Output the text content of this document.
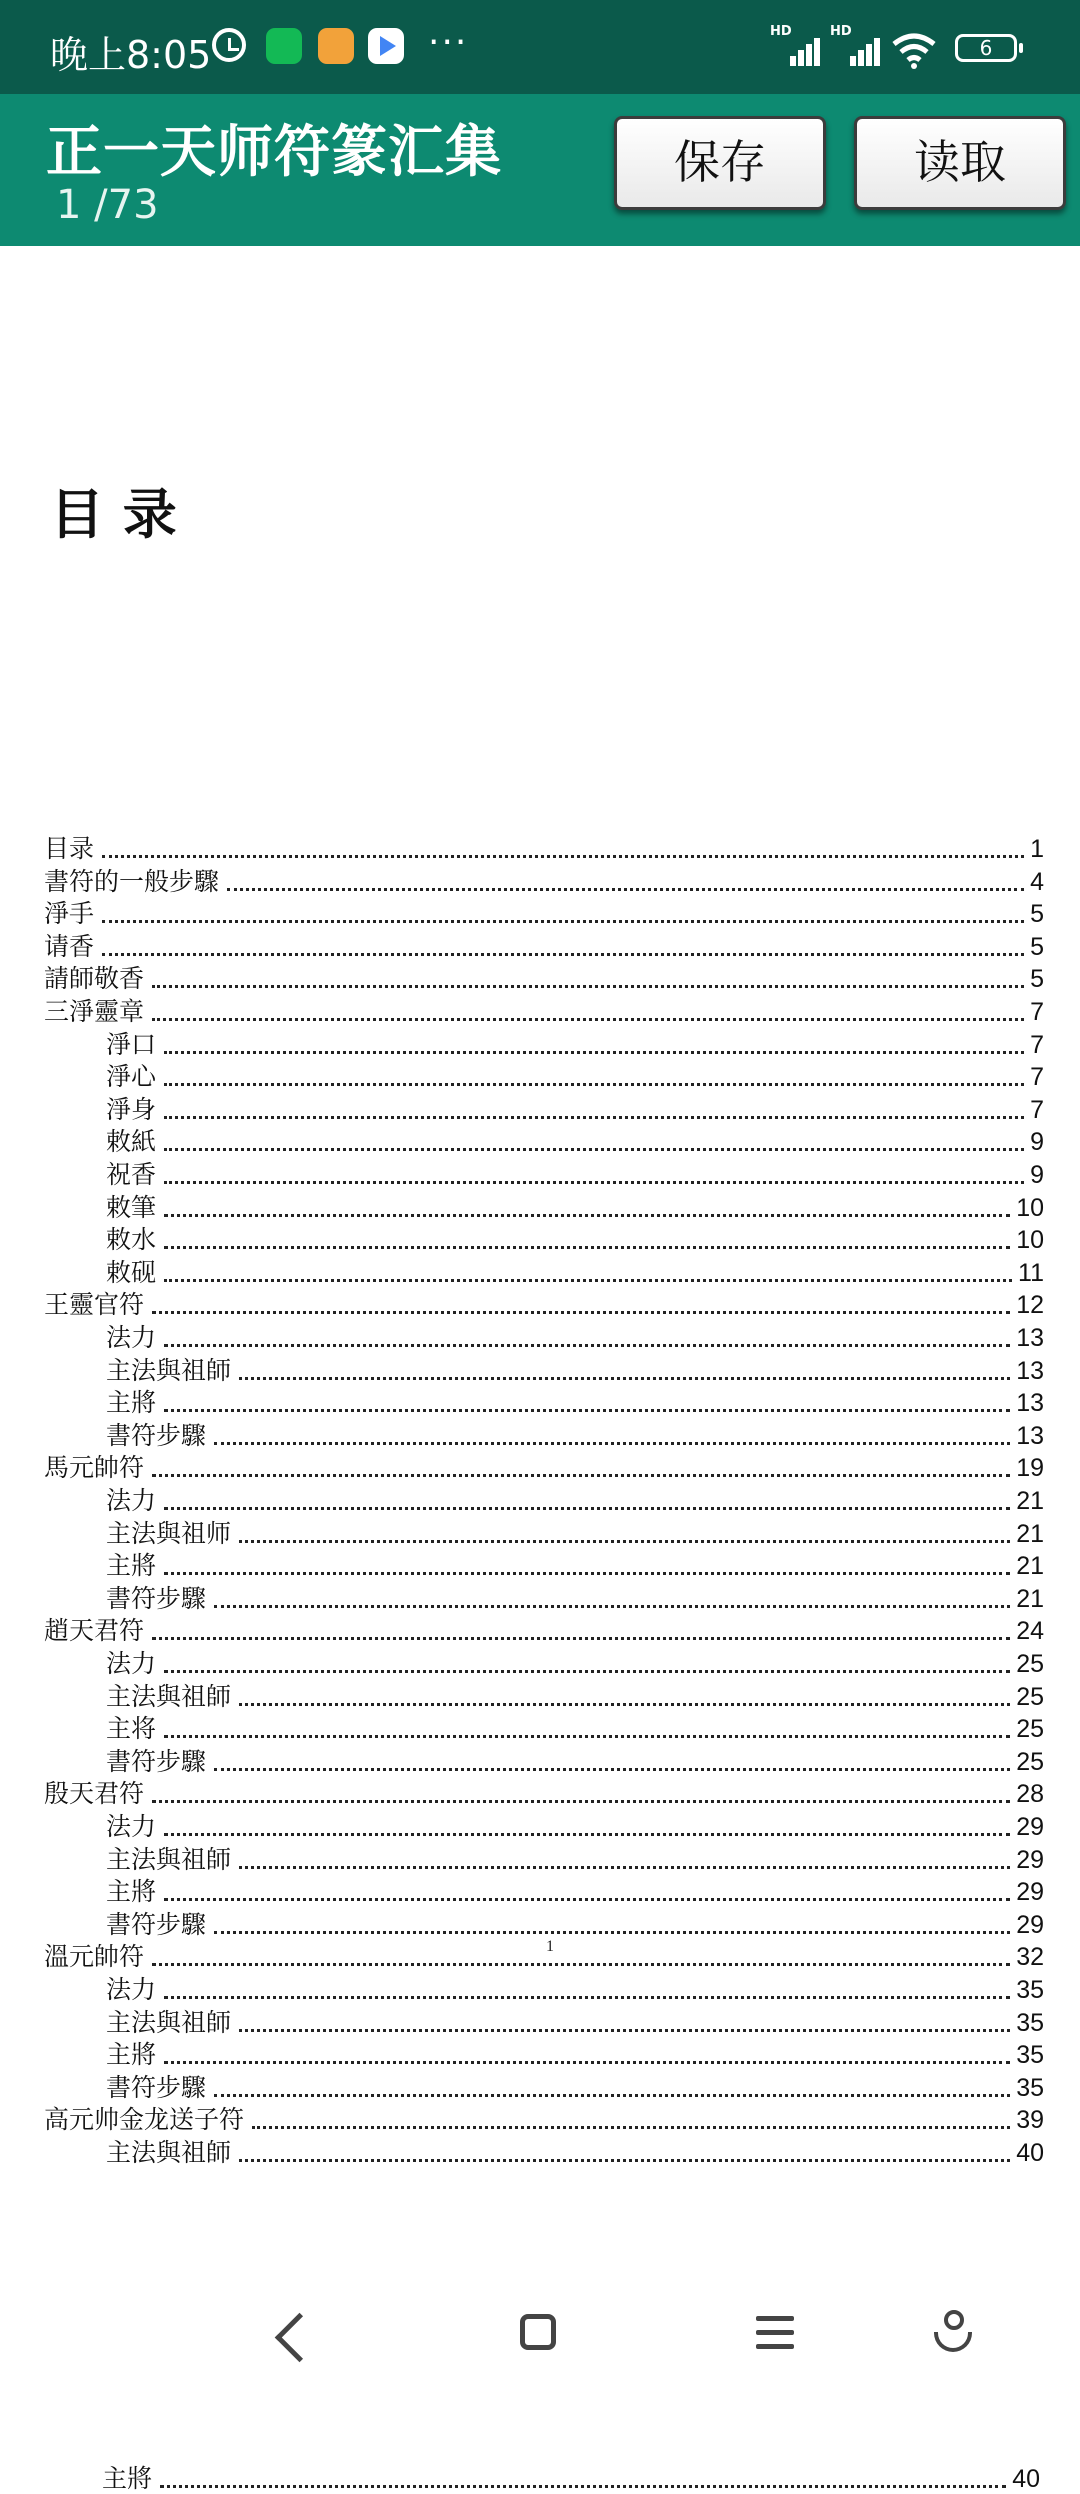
晚上8:05	···	HD	HD
6
正一天师符篆汇集
1 /73
保存	读取
目 录
目录	1
書符的一般步驟	4
淨手	5
请香	5
請師敬香	5
三淨靈章	7
淨口	7
淨心	7
淨身	7
敕紙	9
祝香	9
敕筆	10
敕水	10
敕砚	11
王靈官符	12
法力	13
主法與祖師	13
主將	13
書符步驟	13
馬元帥符	19
法力	21
主法與祖师	21
主將	21
書符步驟	21
趙天君符	24
法力	25
主法與祖師	25
主将	25
書符步驟	25
殷天君符	28
法力	29
主法與祖師	29
主將	29
書符步驟	29
溫元帥符	32
法力	35
主法與祖師	35
主將	35
書符步驟	35
高元帅金龙送子符	39
主法與祖師	40
1
主將	40
